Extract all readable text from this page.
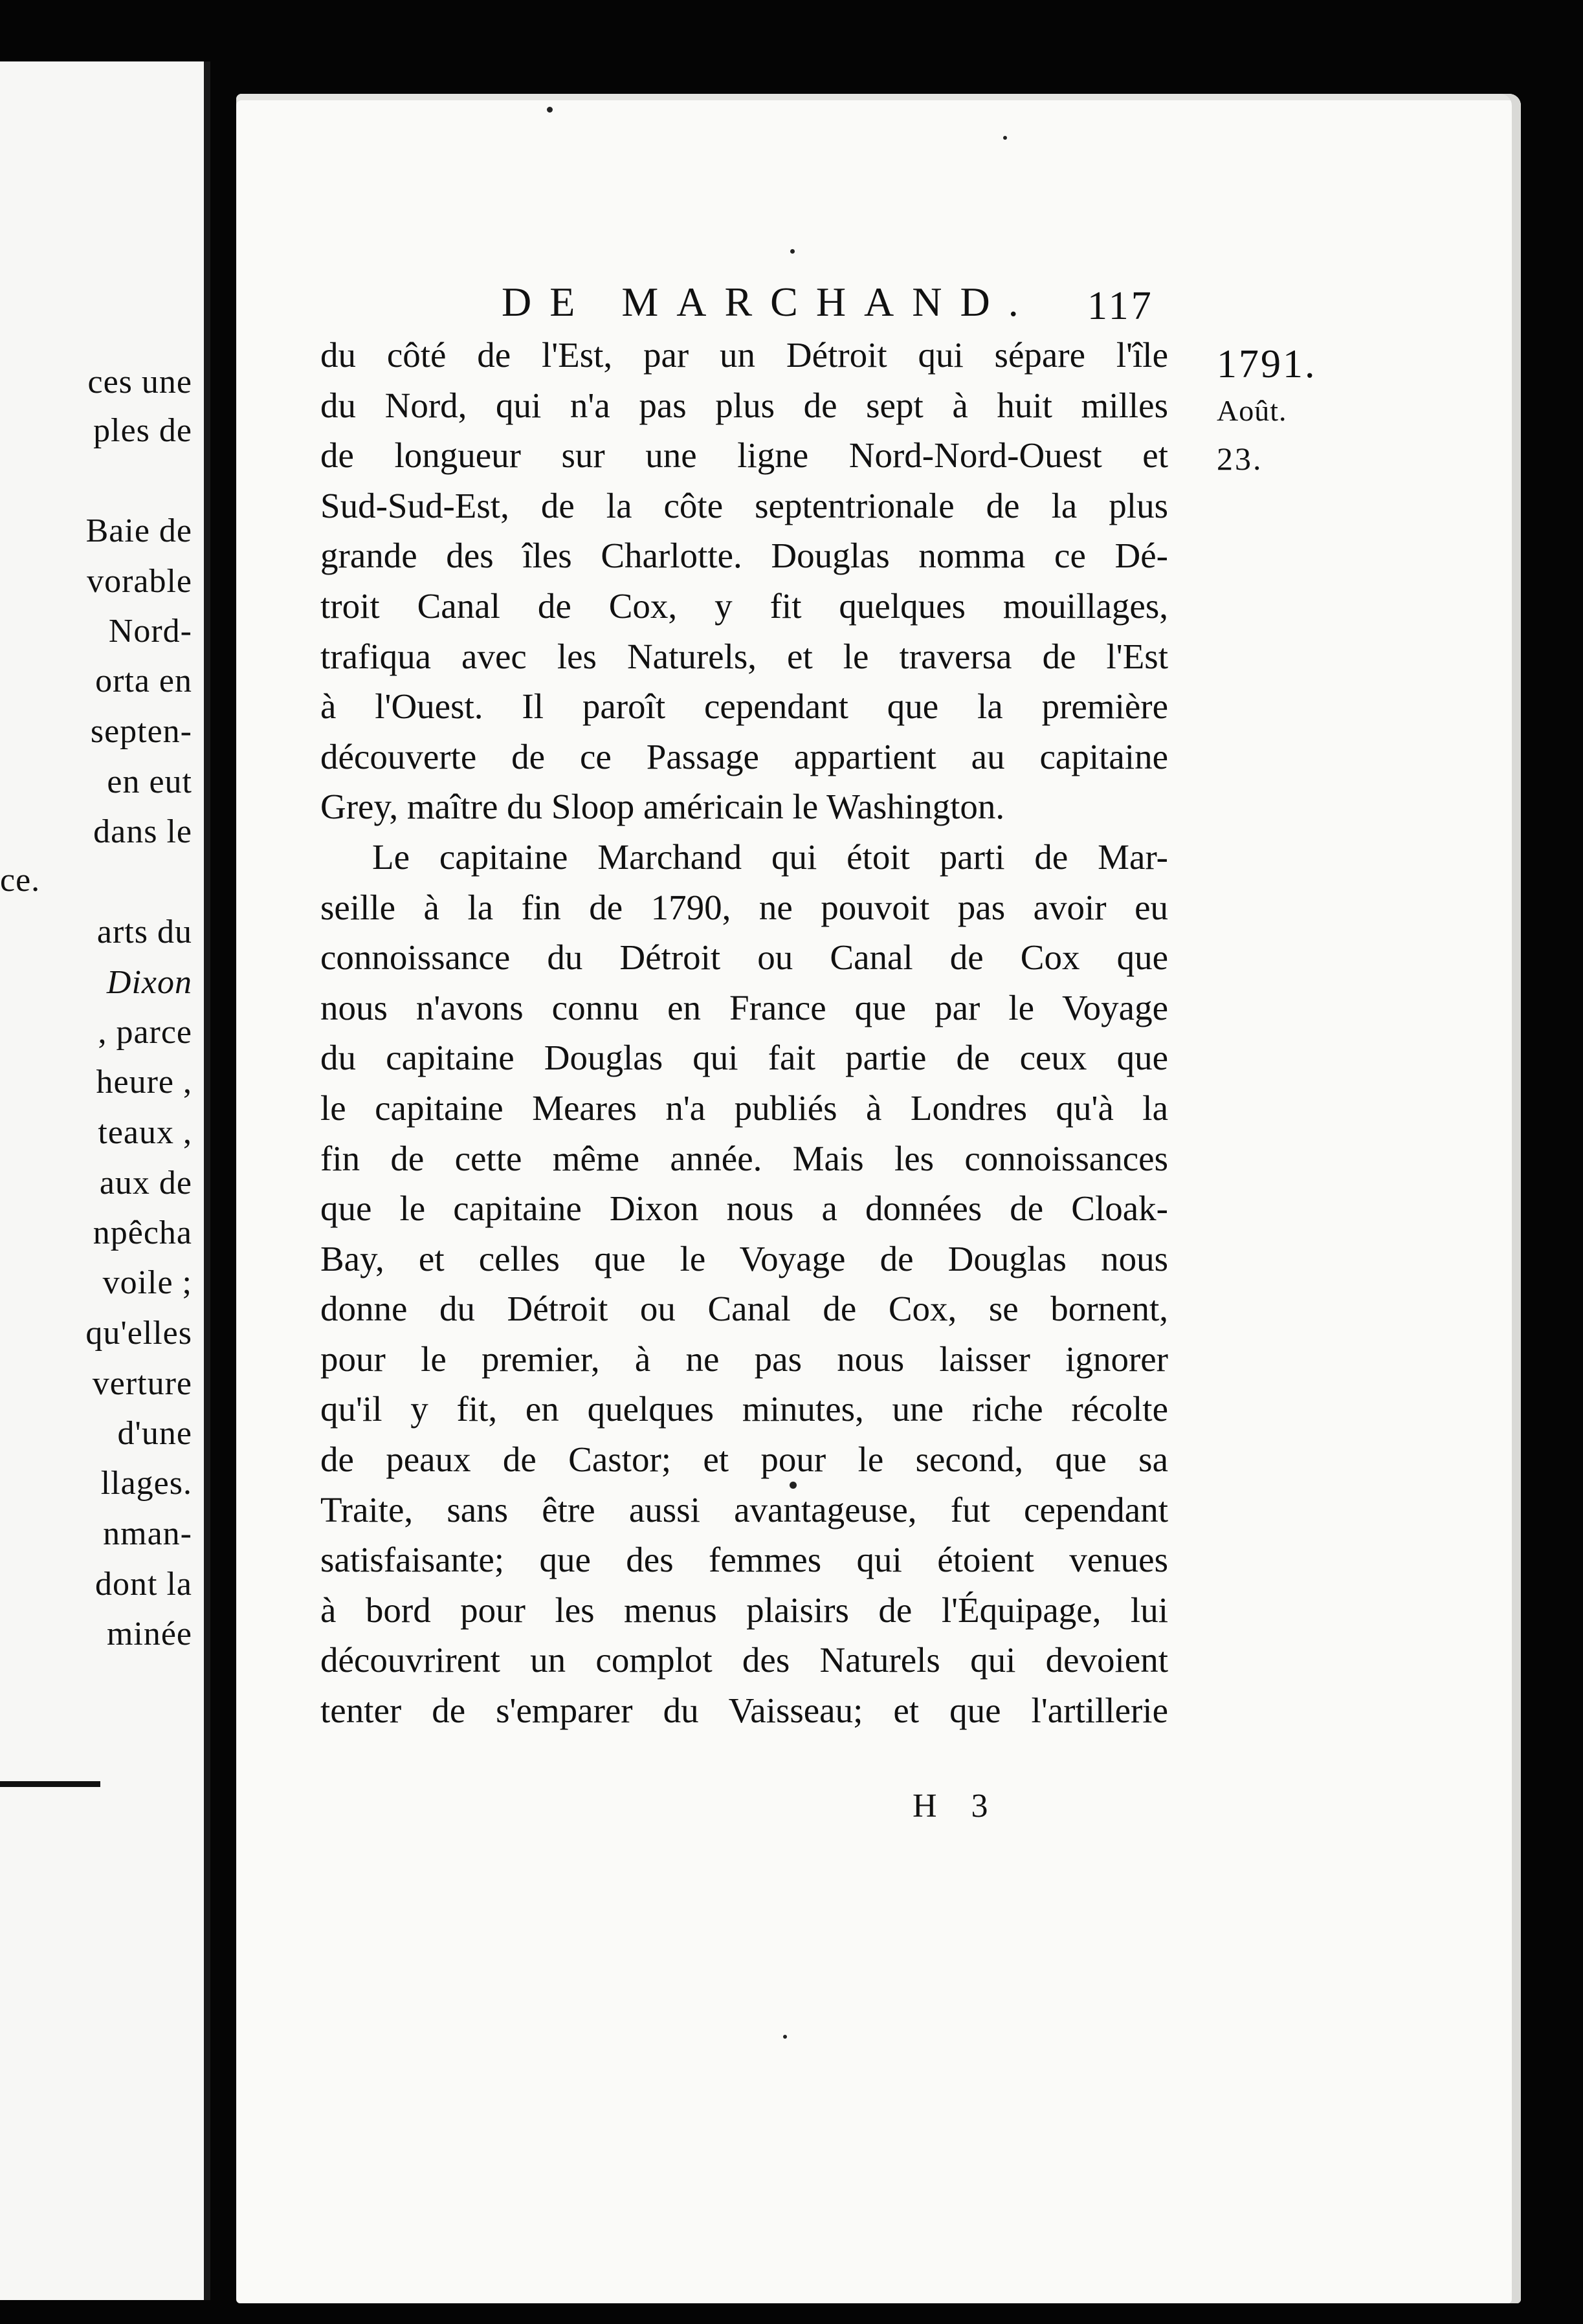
ces une
ples de
Baie de
vorable
Nord-
orta en
septen-
en eut
dans le
ce.
arts du
Dixon
, parce
heure ,
teaux ,
aux de
npêcha
voile ;
qu'elles
verture
d'une
llages.
nman-
dont la
minée
DE MARCHAND. 117
1791.
Août.
23.
du côté de l'Est, par un Détroit qui sépare l'île
du Nord, qui n'a pas plus de sept à huit milles
de longueur sur une ligne Nord-Nord-Ouest et
Sud-Sud-Est, de la côte septentrionale de la plus
grande des îles Charlotte. Douglas nomma ce Dé-
troit Canal de Cox, y fit quelques mouillages,
trafiqua avec les Naturels, et le traversa de l'Est
à l'Ouest. Il paroît cependant que la première
découverte de ce Passage appartient au capitaine
Grey, maître du Sloop américain le Washington.
Le capitaine Marchand qui étoit parti de Mar-
seille à la fin de 1790, ne pouvoit pas avoir eu
connoissance du Détroit ou Canal de Cox que
nous n'avons connu en France que par le Voyage
du capitaine Douglas qui fait partie de ceux que
le capitaine Meares n'a publiés à Londres qu'à la
fin de cette même année. Mais les connoissances
que le capitaine Dixon nous a données de Cloak-
Bay, et celles que le Voyage de Douglas nous
donne du Détroit ou Canal de Cox, se bornent,
pour le premier, à ne pas nous laisser ignorer
qu'il y fit, en quelques minutes, une riche récolte
de peaux de Castor; et pour le second, que sa
Traite, sans être aussi avantageuse, fut cependant
satisfaisante; que des femmes qui étoient venues
à bord pour les menus plaisirs de l'Équipage, lui
découvrirent un complot des Naturels qui devoient
tenter de s'emparer du Vaisseau; et que l'artillerie
H 3
